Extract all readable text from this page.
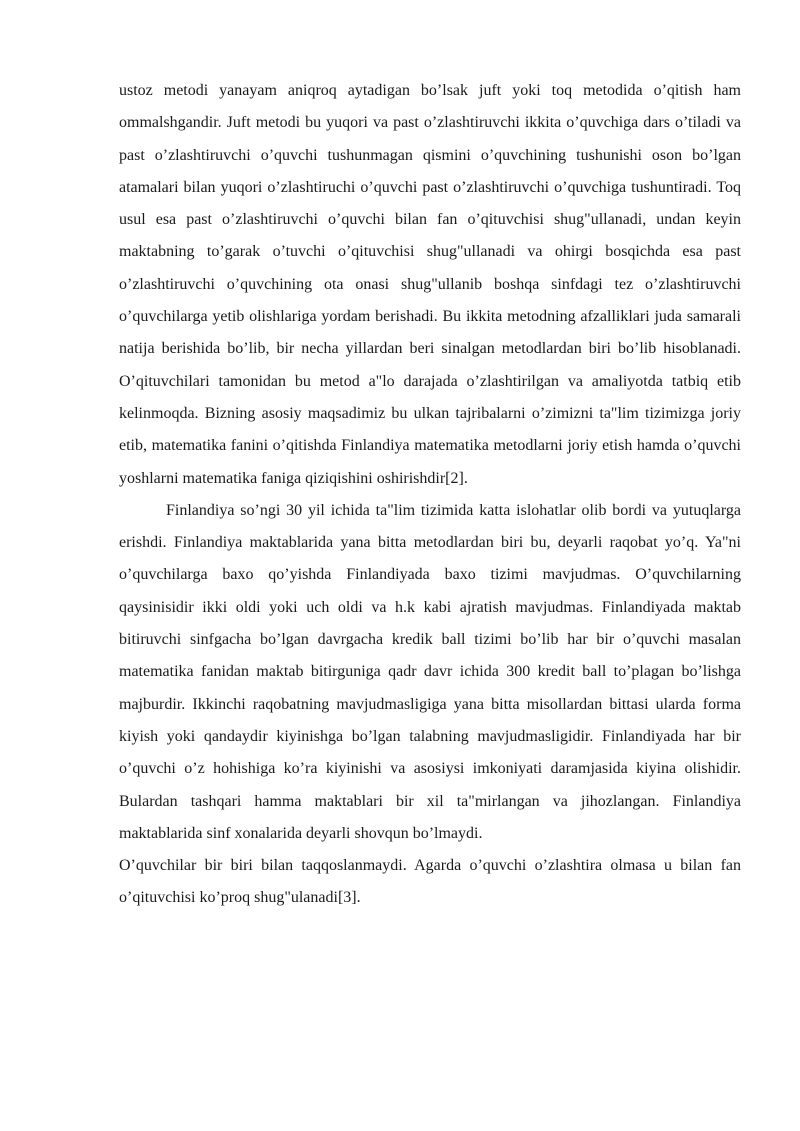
ustoz metodi yanayam aniqroq aytadigan bo’lsak juft yoki toq metodida o’qitish ham ommalshgandir. Juft metodi bu yuqori va past o’zlashtiruvchi ikkita o’quvchiga dars o’tiladi va past o’zlashtiruvchi o’quvchi tushunmagan qismini o’quvchining tushunishi oson bo’lgan atamalari bilan yuqori o’zlashtiruchi o’quvchi past o’zlashtiruvchi o’quvchiga tushuntiradi. Toq usul esa past o’zlashtiruvchi o’quvchi bilan fan o’qituvchisi shug"ullanadi, undan keyin maktabning to’garak o’tuvchi o’qituvchisi shug"ullanadi va ohirgi bosqichda esa past o’zlashtiruvchi o’quvchining ota onasi shug"ullanib boshqa sinfdagi tez o’zlashtiruvchi o’quvchilarga yetib olishlariga yordam berishadi. Bu ikkita metodning afzalliklari juda samarali natija berishida bo’lib, bir necha yillardan beri sinalgan metodlardan biri bo’lib hisoblanadi. O’qituvchilari tamonidan bu metod a"lo darajada o’zlashtirilgan va amaliyotda tatbiq etib kelinmoqda. Bizning asosiy maqsadimiz bu ulkan tajribalarni o’zimizni ta"lim tizimizga joriy etib, matematika fanini o’qitishda Finlandiya matematika metodlarni joriy etish hamda o’quvchi yoshlarni matematika faniga qiziqishini oshirishdir[2].

Finlandiya so’ngi 30 yil ichida ta"lim tizimida katta islohatlar olib bordi va yutuqlarga erishdi. Finlandiya maktablarida yana bitta metodlardan biri bu, deyarli raqobat yo’q. Ya"ni o’quvchilarga baxo qo’yishda Finlandiyada baxo tizimi mavjudmas. O’quvchilarning qaysinisidir ikki oldi yoki uch oldi va h.k kabi ajratish mavjudmas. Finlandiyada maktab bitiruvchi sinfgacha bo’lgan davrgacha kredik ball tizimi bo’lib har bir o’quvchi masalan matematika fanidan maktab bitirguniga qadr davr ichida 300 kredit ball to’plagan bo’lishga majburdir. Ikkinchi raqobatning mavjudmasligiga yana bitta misollardan bittasi ularda forma kiyish yoki qandaydir kiyinishga bo’lgan talabning mavjudmasligidir. Finlandiyada har bir o’quvchi o’z hohishiga ko’ra kiyinishi va asosiysi imkoniyati daramjasida kiyina olishidir. Bulardan tashqari hamma maktablari bir xil ta"mirlangan va jihozlangan. Finlandiya maktablarida sinf xonalarida deyarli shovqun bo’lmaydi.

O’quvchilar bir biri bilan taqqoslanmaydi. Agarda o’quvchi o’zlashtira olmasa u bilan fan o’qituvchisi ko’proq shug"ulanadi[3].
